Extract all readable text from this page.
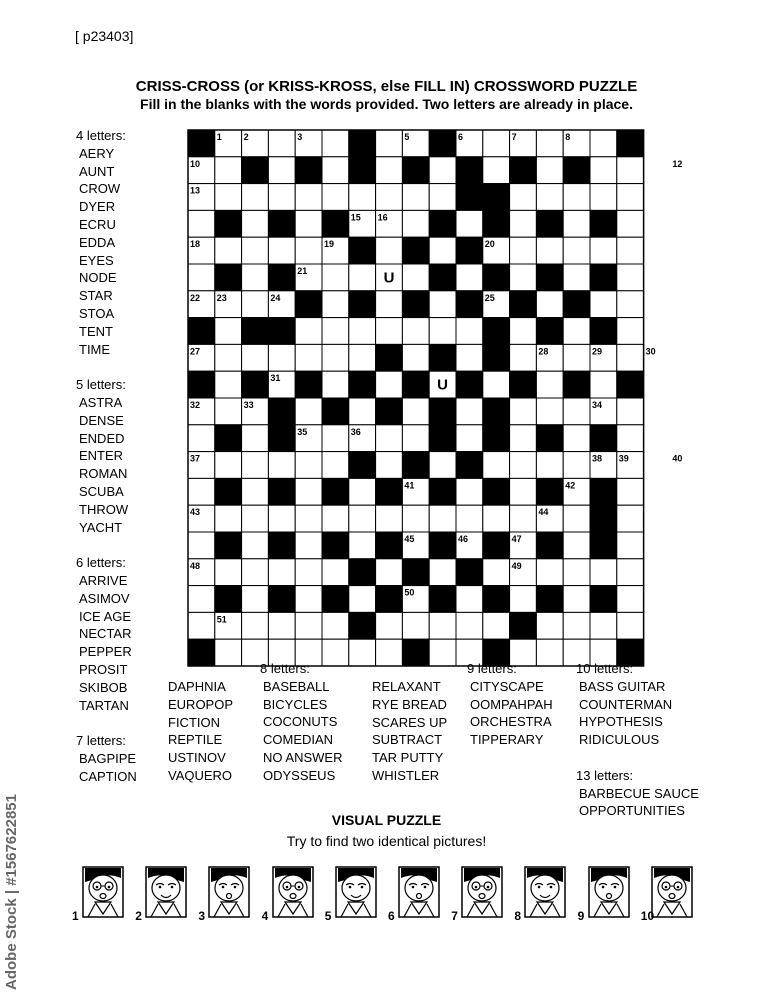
[ p23403]
CRISS-CROSS (or KRISS-KROSS, else FILL IN) CROSSWORD PUZZLE
Fill in the blanks with the words provided. Two letters are already in place.
1 2	3	4	5	6	7	8	9
10	11	12
13	14
15 16	17
18	19	20
21
22 23	24	25
26
27	28	29	30
31
32	33	34
35	36
37	38 39	40
41	42
43	44
45	46	47
48	49
50
51	52
U
U
4 letters:
AERY
AUNT
CROW
DYER
ECRU
EDDA
EYES
NODE
STAR
STOA
TENT
TIME
5 letters:
ASTRA
DENSE
ENDED
ENTER
ROMAN
SCUBA
THROW
YACHT
6 letters:
ARRIVE
ASIMOV
ICE AGE
NECTAR
PEPPER
PROSIT
SKIBOB
TARTAN
7 letters:
BAGPIPE
CAPTION
DAPHNIA
EUROPOP
FICTION
REPTILE
USTINOV
VAQUERO
8 letters:
BASEBALL
BICYCLES
COCONUTS
COMEDIAN
NO ANSWER
ODYSSEUS
RELAXANT
RYE BREAD
SCARES UP
SUBTRACT
TAR PUTTY
WHISTLER
9 letters:
CITYSCAPE
OOMPAHPAH
ORCHESTRA
TIPPERARY
10 letters:
BASS GUITAR
COUNTERMAN
HYPOTHESIS
RIDICULOUS
13 letters:
BARBECUE SAUCE
OPPORTUNITIES
VISUAL PUZZLE
Try to find two identical pictures!
1	2	3	4	5	6	7	8	9	10
Adobe Stock | #1567622851
